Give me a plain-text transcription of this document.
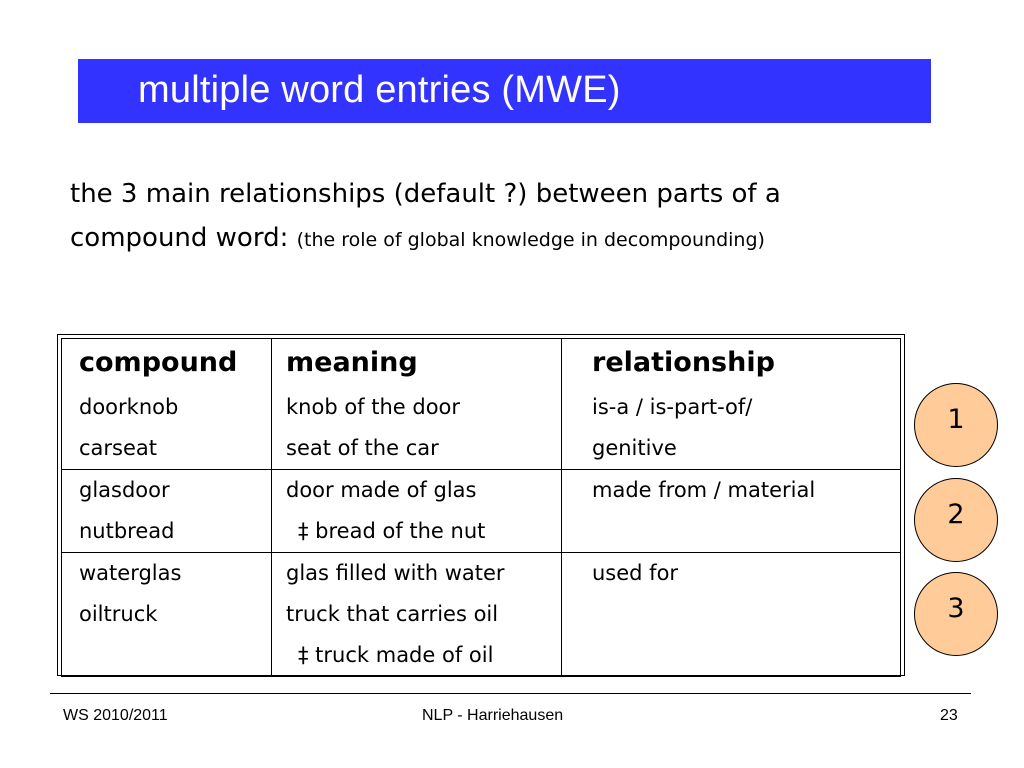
multiple word entries (MWE)
the 3 main relationships (default ?) between parts of a
compound word: (the role of global knowledge in decompounding)
compound	meaning	relationship
doorknob	knob of the door	is-a / is-part-of/
carseat	seat of the car	genitive
glasdoor	door made of glas	made from / material
nutbread	‡ bread of the nut	
waterglas	glas filled with water	used for
oiltruck	truck that carries oil	
	‡ truck made of oil	
1
2
3
WS 2010/2011	NLP - Harriehausen	23
